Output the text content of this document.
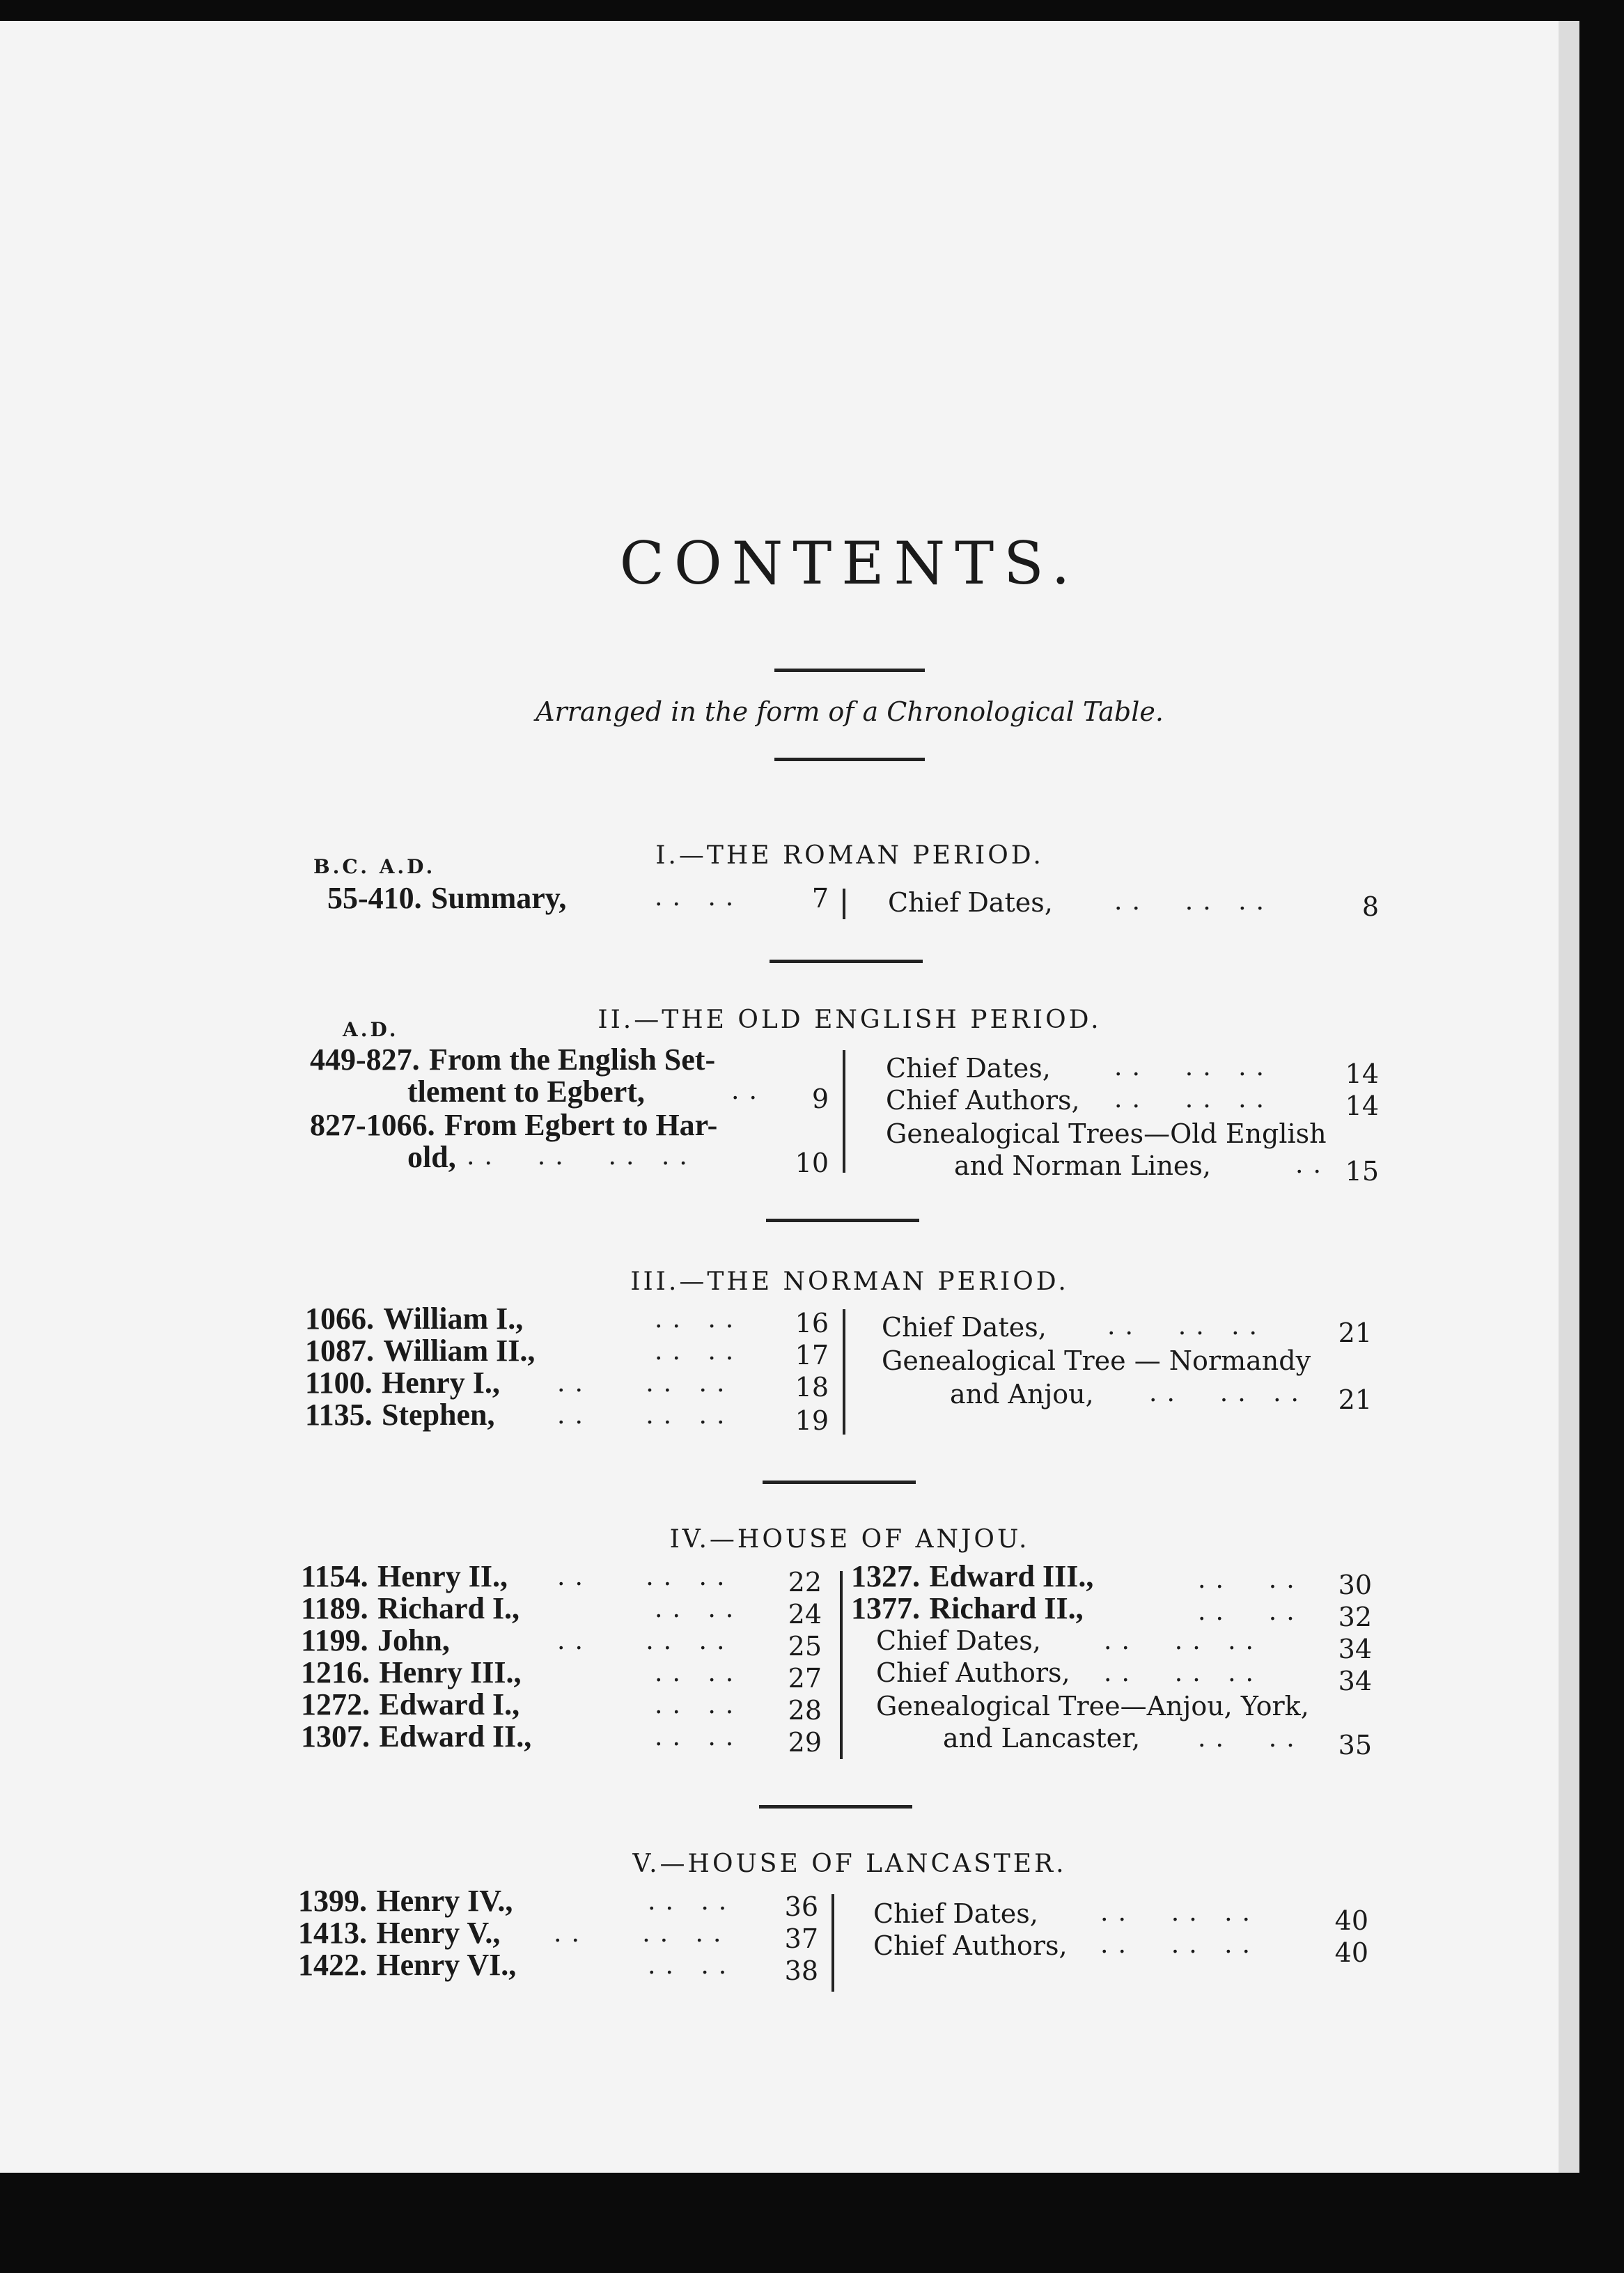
CONTENTS.
Arranged in the form of a Chronological Table.
I.—THE ROMAN PERIOD.
B.C. A.D.
55-410. Summary,	.. ..	7 Chief Dates, ..  .. ..	8
II.—THE OLD ENGLISH PERIOD.
A.D.
449-827. From the English Set-
tlement to Egbert,	..	9
827-1066. From Egbert to Har-
old, ..  ..  .. ..	10
Chief Dates,	..  .. ..	14
Chief Authors, ..  .. ..	14
Genealogical Trees—Old English
and Norman Lines,	.. 15
III.—THE NORMAN PERIOD.
1066. William I.,	.. ..	16
1087. William II.,	.. ..	17
1100. Henry I., ..   .. ..	18
1135. Stephen, ..   .. ..	19
Chief Dates, ..  .. ..	21
Genealogical Tree — Normandy
and Anjou, ..  .. ..	21
IV.—HOUSE OF ANJOU.
1154. Henry II., ..   .. ..	22
1189. Richard I.,	.. ..	24
1199. John,	..   .. ..	25
1216. Henry III.,	.. ..	27
1272. Edward I.,	.. ..	28
1307. Edward II.,	.. ..	29
1327. Edward III.,	..  ..	30
1377. Richard II.,	..  ..	32
Chief Dates,	..  .. ..	34
Chief Authors, ..  .. ..	34
Genealogical Tree—Anjou, York,
and Lancaster, ..  ..	35
V.—HOUSE OF LANCASTER.
1399. Henry IV.,	.. ..	36
1413. Henry V., ..   .. ..	37
1422. Henry VI.,	.. ..	38
Chief Dates, ..  .. ..	40
Chief Authors, ..  .. ..	40
